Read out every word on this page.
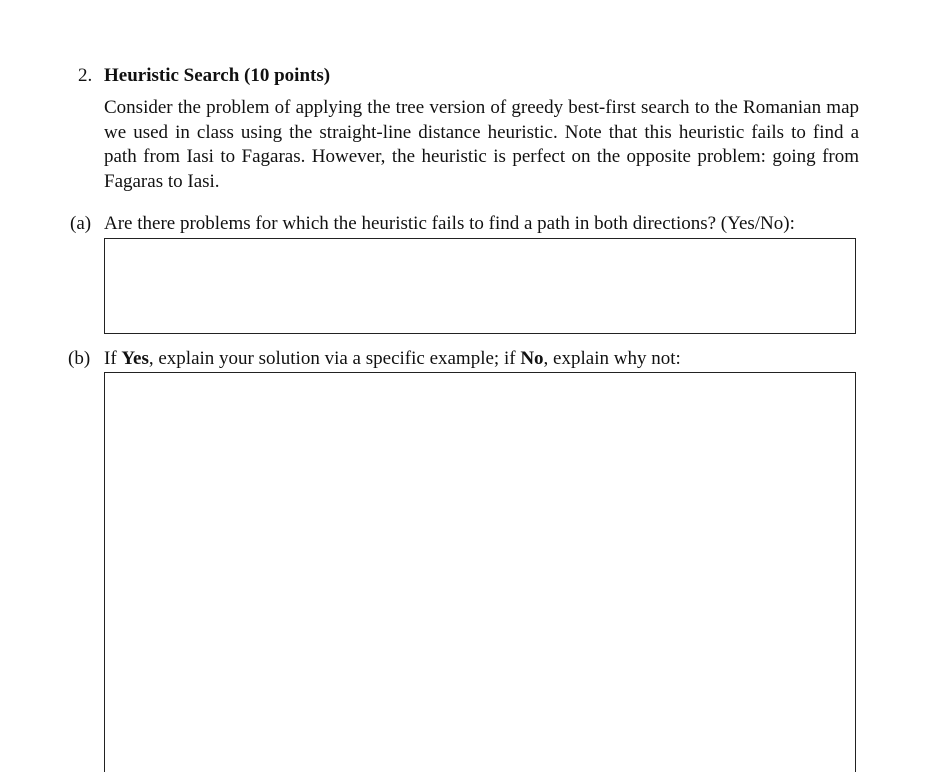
2. Heuristic Search (10 points)

Consider the problem of applying the tree version of greedy best-first search to the Romanian map we used in class using the straight-line distance heuristic. Note that this heuristic fails to find a path from Iasi to Fagaras. However, the heuristic is perfect on the opposite problem: going from Fagaras to Iasi.

(a) Are there problems for which the heuristic fails to find a path in both directions? (Yes/No):
(b) If Yes, explain your solution via a specific example; if No, explain why not:
